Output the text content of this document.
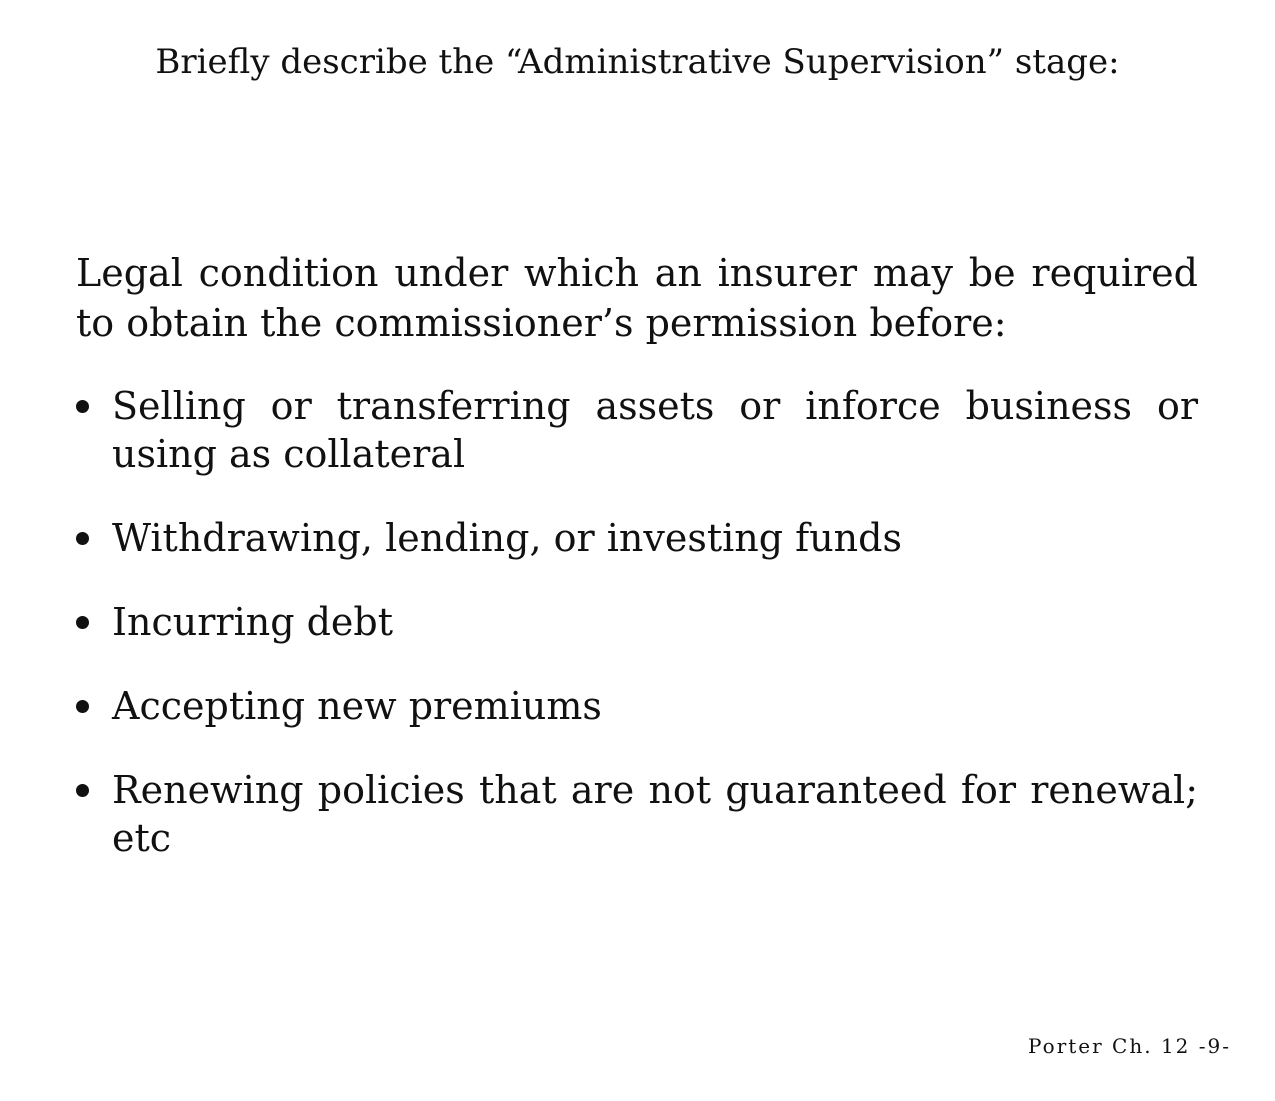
Briefly describe the “Administrative Supervision” stage:
Legal condition under which an insurer may be required to obtain the commissioner’s permission before:
Selling or transferring assets or inforce business or using as collateral
Withdrawing, lending, or investing funds
Incurring debt
Accepting new premiums
Renewing policies that are not guaranteed for renewal; etc
Porter Ch. 12 -9-
